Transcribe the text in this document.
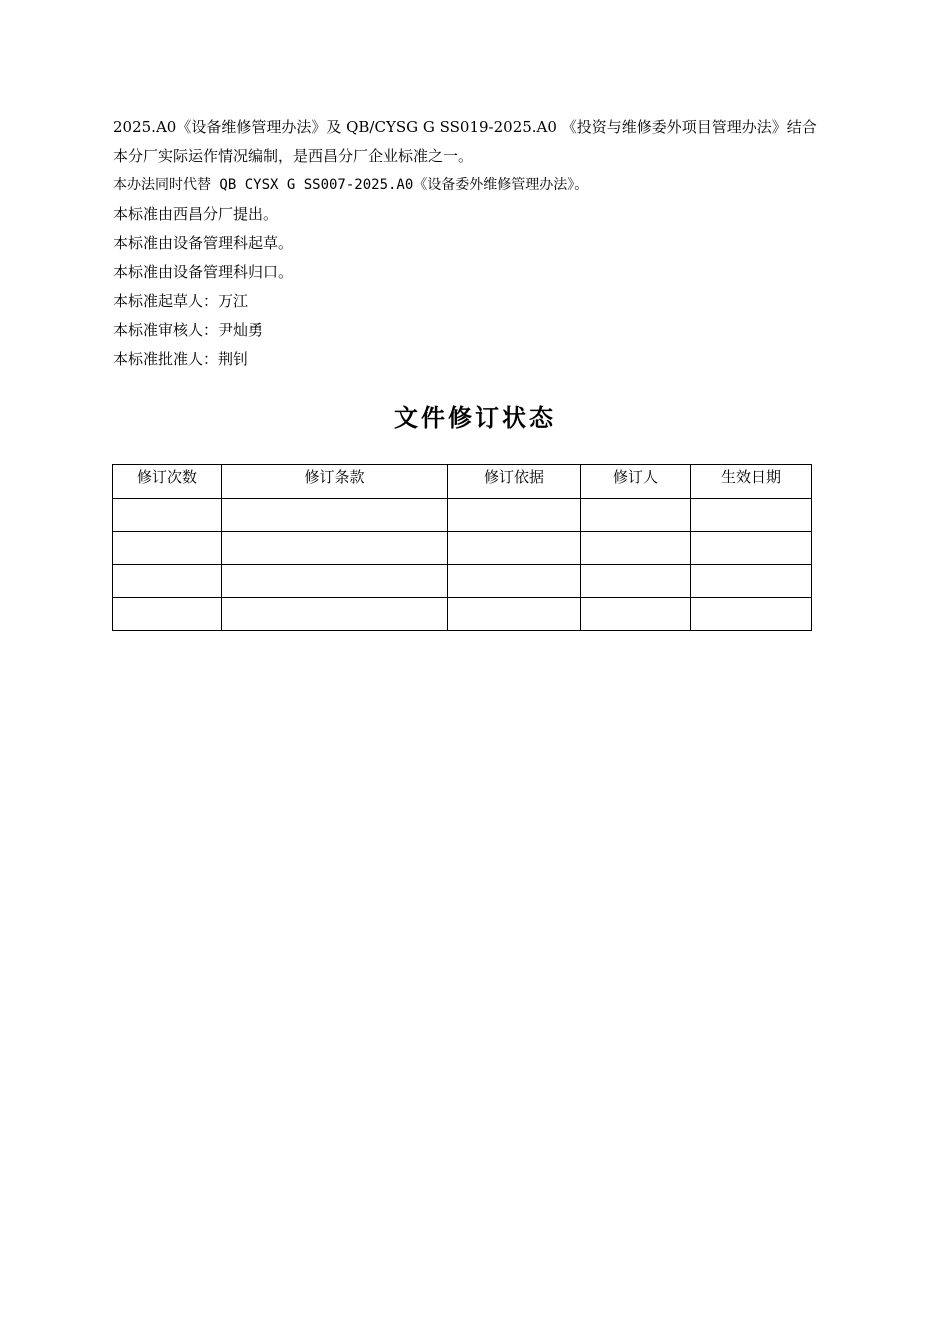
2025.A0《设备维修管理办法》及 QB/CYSG G SS019-2025.A0 《投资与维修委外项目管理办法》结合
本分厂实际运作情况编制，是西昌分厂企业标准之一。
本办法同时代替 QB CYSX G SS007-2025.A0《设备委外维修管理办法》。
本标准由西昌分厂提出。
本标准由设备管理科起草。
本标准由设备管理科归口。
本标准起草人：万江
本标准审核人：尹灿勇
本标准批准人：荆钊
文件修订状态
修订次数	修订条款	修订依据	修订人	生效日期
